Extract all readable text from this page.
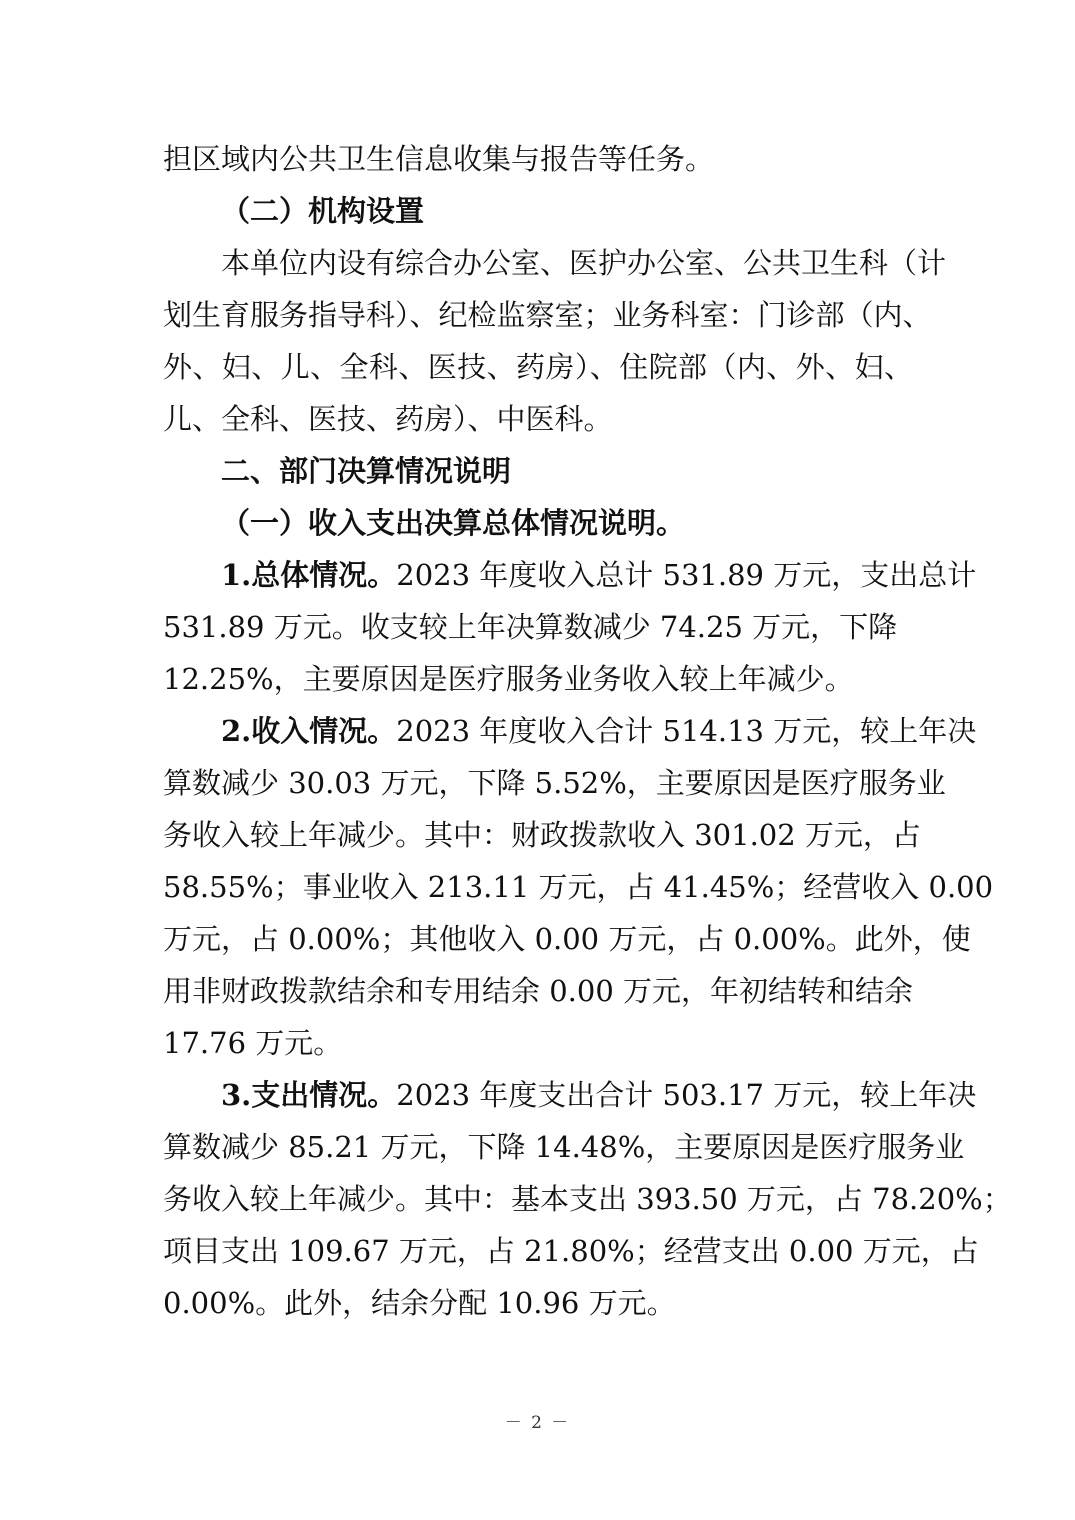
担区域内公共卫生信息收集与报告等任务。
（二）机构设置
本单位内设有综合办公室、医护办公室、公共卫生科（计
划生育服务指导科）、纪检监察室；业务科室：门诊部（内、
外、妇、儿、全科、医技、药房）、住院部（内、外、妇、
儿、全科、医技、药房）、中医科。
二、部门决算情况说明
（一）收入支出决算总体情况说明。
1.总体情况。2023 年度收入总计 531.89 万元，支出总计
531.89 万元。收支较上年决算数减少 74.25 万元，下降
12.25%，主要原因是医疗服务业务收入较上年减少。
2.收入情况。2023 年度收入合计 514.13 万元，较上年决
算数减少 30.03 万元，下降 5.52%，主要原因是医疗服务业
务收入较上年减少。其中：财政拨款收入 301.02 万元，占
58.55%；事业收入 213.11 万元，占 41.45%；经营收入 0.00
万元，占 0.00%；其他收入 0.00 万元，占 0.00%。此外，使
用非财政拨款结余和专用结余 0.00 万元，年初结转和结余
17.76 万元。
3.支出情况。2023 年度支出合计 503.17 万元，较上年决
算数减少 85.21 万元，下降 14.48%，主要原因是医疗服务业
务收入较上年减少。其中：基本支出 393.50 万元，占 78.20%；
项目支出 109.67 万元，占 21.80%；经营支出 0.00 万元，占
0.00%。此外，结余分配 10.96 万元。
－ 2 －
